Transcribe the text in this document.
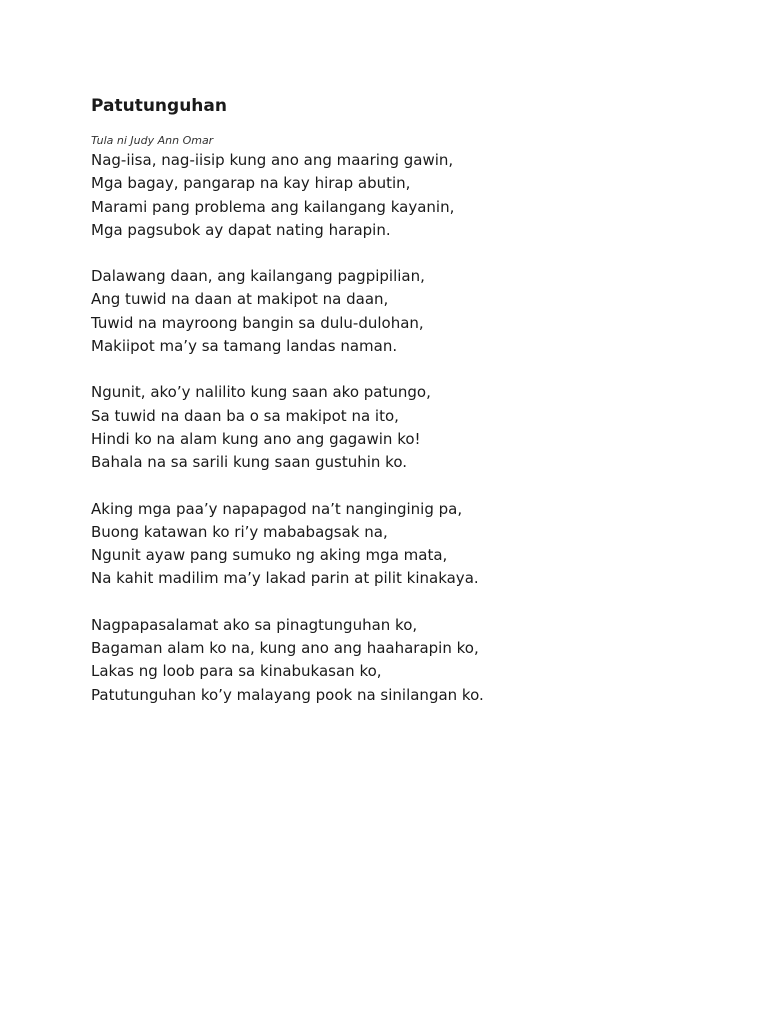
Patutunguhan
Tula ni Judy Ann Omar
Nag-iisa, nag-iisip kung ano ang maaring gawin,
Mga bagay, pangarap na kay hirap abutin,
Marami pang problema ang kailangang kayanin,
Mga pagsubok ay dapat nating harapin.
Dalawang daan, ang kailangang pagpipilian,
Ang tuwid na daan at makipot na daan,
Tuwid na mayroong bangin sa dulu-dulohan,
Makiipot ma’y sa tamang landas naman.
Ngunit, ako’y nalilito kung saan ako patungo,
Sa tuwid na daan ba o sa makipot na ito,
Hindi ko na alam kung ano ang gagawin ko!
Bahala na sa sarili kung saan gustuhin ko.
Aking mga paa’y napapagod na’t nanginginig pa,
Buong katawan ko ri’y mababagsak na,
Ngunit ayaw pang sumuko ng aking mga mata,
Na kahit madilim ma’y lakad parin at pilit kinakaya.
Nagpapasalamat ako sa pinagtunguhan ko,
Bagaman alam ko na, kung ano ang haaharapin ko,
Lakas ng loob para sa kinabukasan ko,
Patutunguhan ko’y malayang pook na sinilangan ko.
